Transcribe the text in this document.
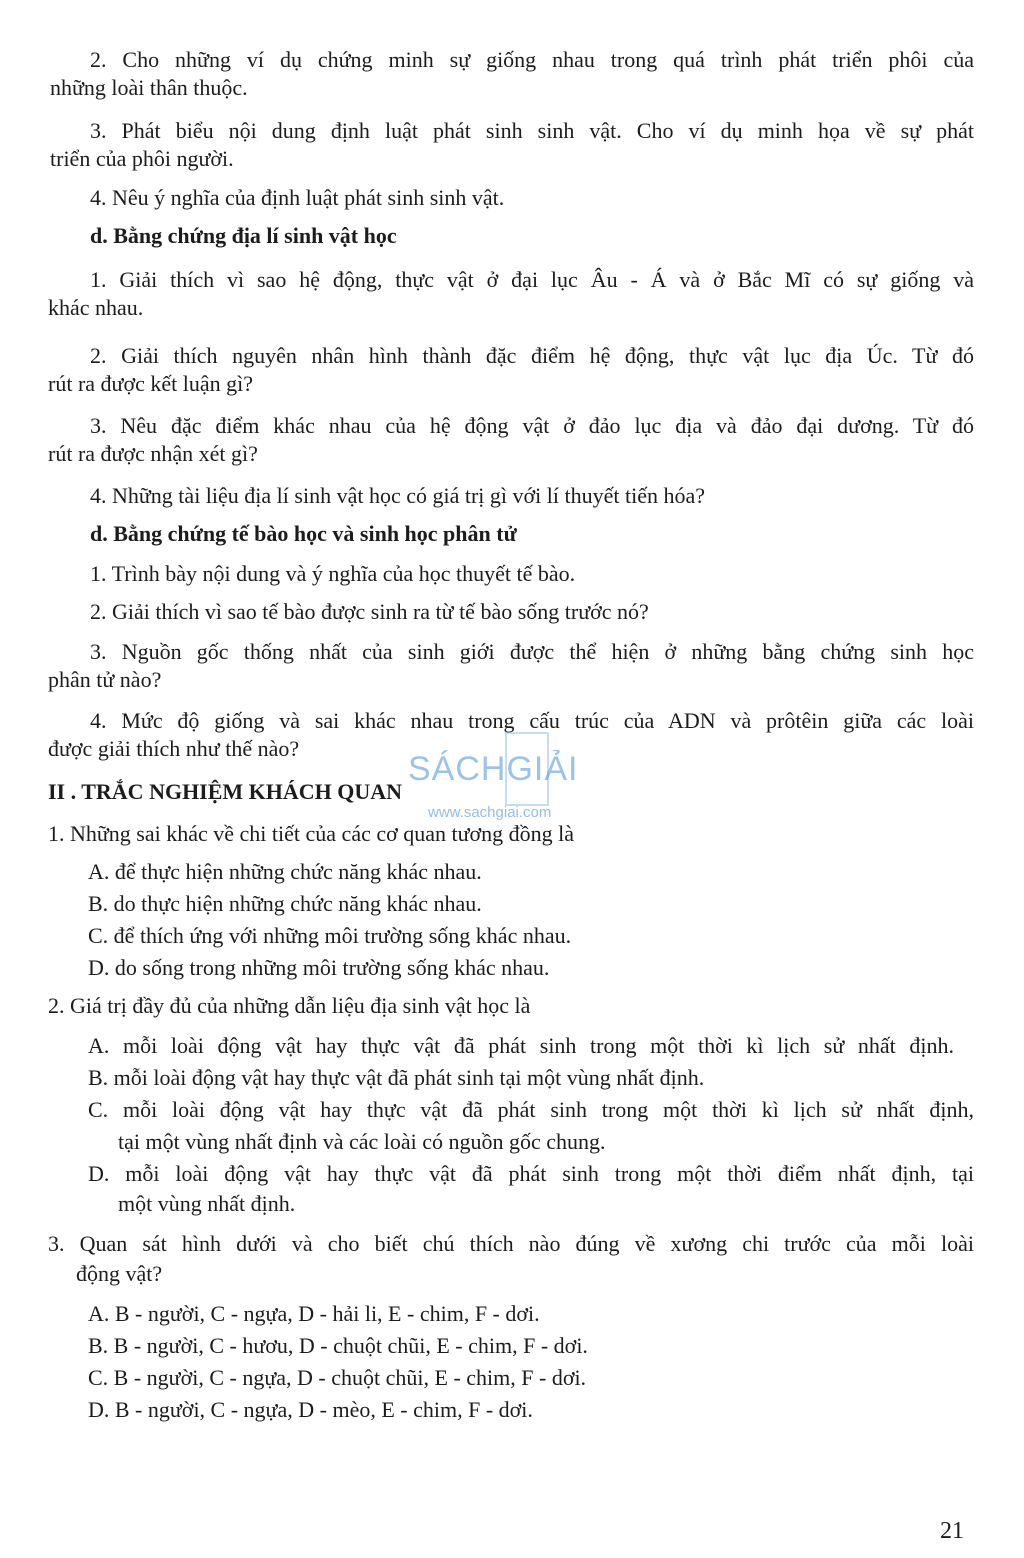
2. Cho những ví dụ chứng minh sự giống nhau trong quá trình phát triển phôi của

những loài thân thuộc.

3. Phát biểu nội dung định luật phát sinh sinh vật. Cho ví dụ minh họa về sự phát

triển của phôi người.

4. Nêu ý nghĩa của định luật phát sinh sinh vật.

d. Bằng chứng địa lí sinh vật học

1. Giải thích vì sao hệ động, thực vật ở đại lục Âu - Á và ở Bắc Mĩ có sự giống và

khác nhau.

2. Giải thích nguyên nhân hình thành đặc điểm hệ động, thực vật lục địa Úc. Từ đó

rút ra được kết luận gì?

3. Nêu đặc điểm khác nhau của hệ động vật ở đảo lục địa và đảo đại dương. Từ đó

rút ra được nhận xét gì?

4. Những tài liệu địa lí sinh vật học có giá trị gì với lí thuyết tiến hóa?

d. Bằng chứng tế bào học và sinh học phân tử

1. Trình bày nội dung và ý nghĩa của học thuyết tế bào.

2. Giải thích vì sao tế bào được sinh ra từ tế bào sống trước nó?

3. Nguồn gốc thống nhất của sinh giới được thể hiện ở những bằng chứng sinh học

phân tử nào?

4. Mức độ giống và sai khác nhau trong cấu trúc của ADN và prôtêin giữa các loài

được giải thích như thế nào?

II . TRẮC NGHIỆM KHÁCH QUAN

1. Những sai khác về chi tiết của các cơ quan tương đồng là

A. để thực hiện những chức năng khác nhau.

B. do thực hiện những chức năng khác nhau.

C. để thích ứng với những môi trường sống khác nhau.

D. do sống trong những môi trường sống khác nhau.

2. Giá trị đầy đủ của những dẫn liệu địa sinh vật học là

A. mỗi loài động vật hay thực vật đã phát sinh trong một thời kì lịch sử nhất định.

B. mỗi loài động vật hay thực vật đã phát sinh tại một vùng nhất định.

C. mỗi loài động vật hay thực vật đã phát sinh trong một thời kì lịch sử nhất định,

tại một vùng nhất định và các loài có nguồn gốc chung.

D. mỗi loài động vật hay thực vật đã phát sinh trong một thời điểm nhất định, tại

một vùng nhất định.

3. Quan sát hình dưới và cho biết chú thích nào đúng về xương chi trước của mỗi loài

động vật?

A. B - người, C - ngựa, D - hải li, E - chim, F - dơi.

B. B - người, C - hươu, D - chuột chũi, E - chim, F - dơi.

C. B - người, C - ngựa, D - chuột chũi, E - chim, F - dơi.

D. B - người, C - ngựa, D - mèo, E - chim, F - dơi.

SÁCHGIẢI
www.sachgiai.com
21
